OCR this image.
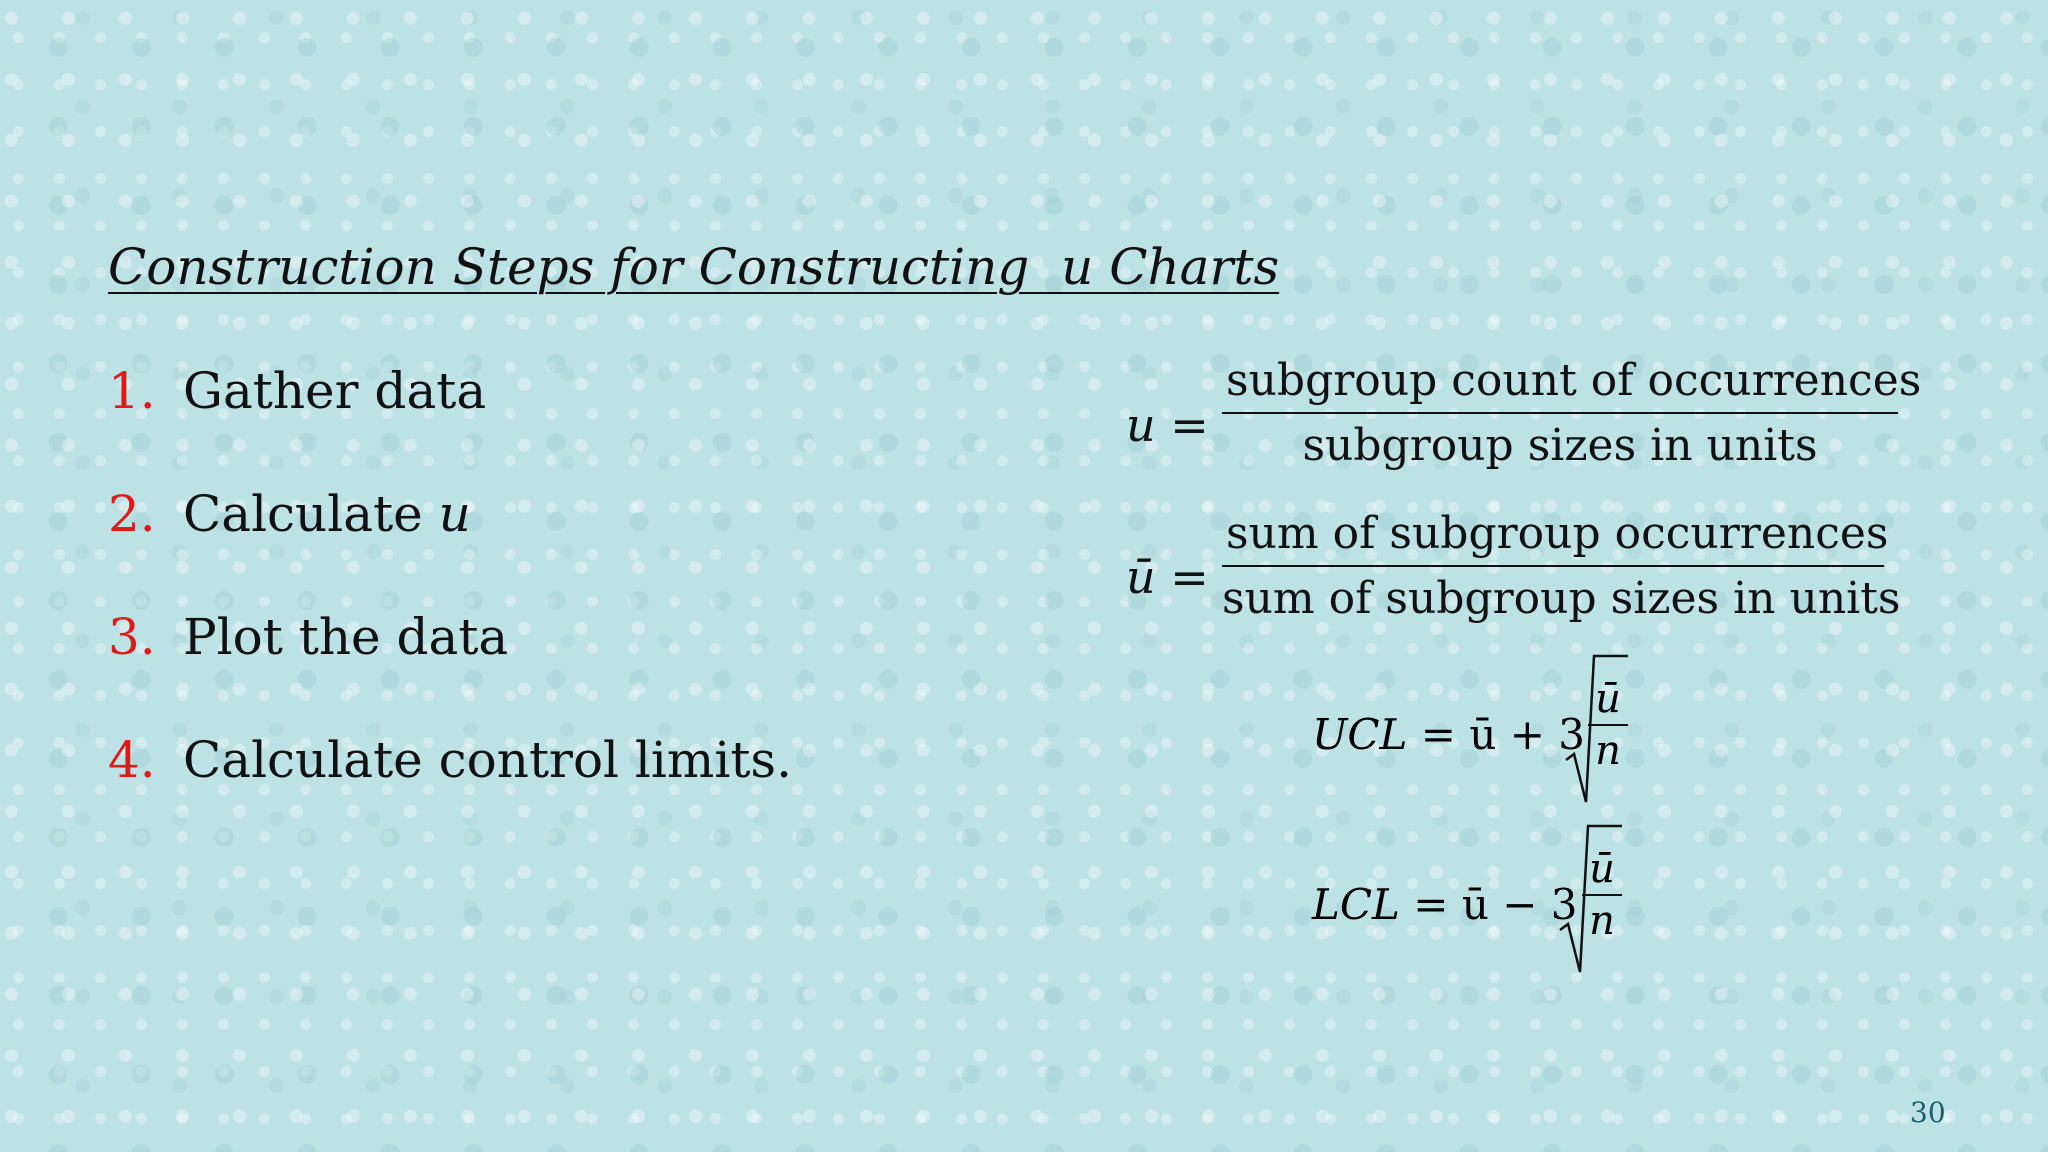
Construction Steps for Constructing  u Charts
1. Gather data
2. Calculate u
3. Plot the data
4. Calculate control limits.
u =
subgroup count of occurrences
subgroup sizes in units
ū =
sum of subgroup occurrences
sum of subgroup sizes in units
UCL = ū + 3
ū
n
LCL = ū − 3
ū
n
30
